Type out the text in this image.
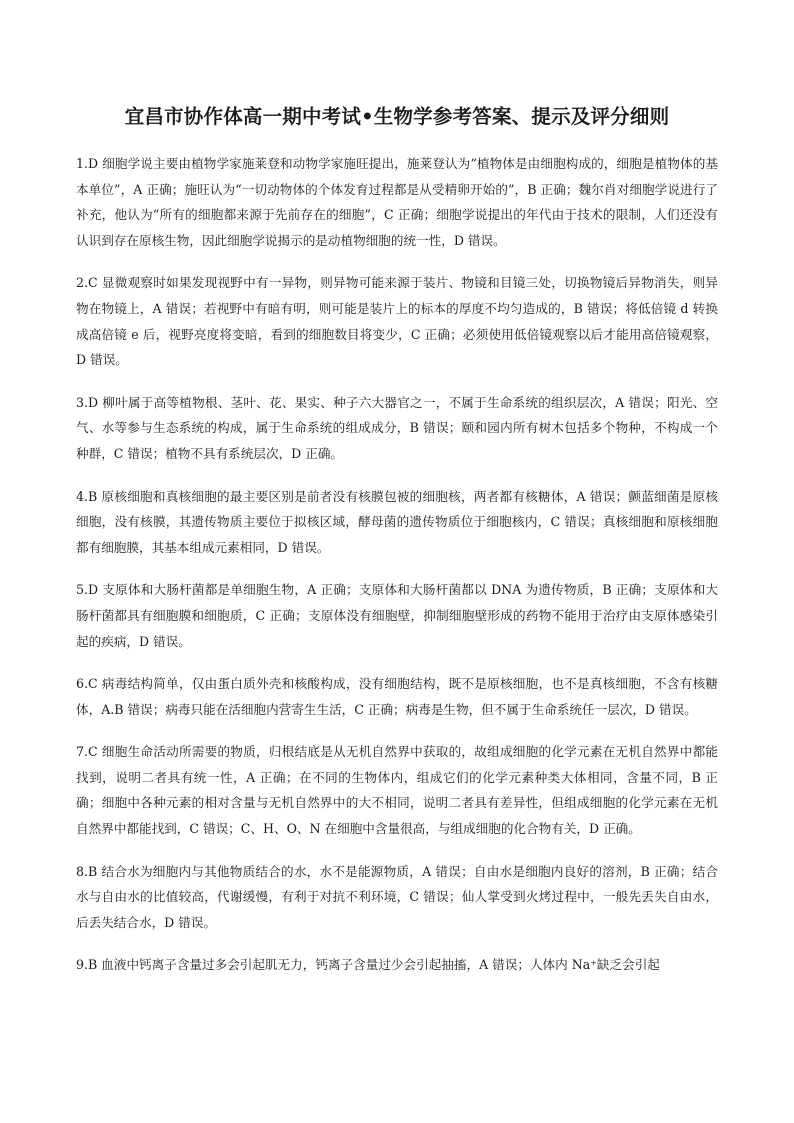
宜昌市协作体高一期中考试•生物学参考答案、提示及评分细则

1.D 细胞学说主要由植物学家施莱登和动物学家施旺提出，施莱登认为“植物体是由细胞构成的，细胞是植物体的基本单位”，A 正确；施旺认为“一切动物体的个体发育过程都是从受精卵开始的”，B 正确；魏尔肖对细胞学说进行了补充，他认为“所有的细胞都来源于先前存在的细胞”，C 正确；细胞学说提出的年代由于技术的限制，人们还没有认识到存在原核生物，因此细胞学说揭示的是动植物细胞的统一性，D 错误。

2.C 显微观察时如果发现视野中有一异物，则异物可能来源于装片、物镜和目镜三处，切换物镜后异物消失，则异物在物镜上，A 错误；若视野中有暗有明，则可能是装片上的标本的厚度不均匀造成的，B 错误；将低倍镜 d 转换成高倍镜 e 后，视野亮度将变暗，看到的细胞数目将变少，C 正确；必须使用低倍镜观察以后才能用高倍镜观察，D 错误。

3.D 柳叶属于高等植物根、茎叶、花、果实、种子六大器官之一，不属于生命系统的组织层次，A 错误；阳光、空气、水等参与生态系统的构成，属于生命系统的组成成分，B 错误；颐和园内所有树木包括多个物种，不构成一个种群，C 错误；植物不具有系统层次，D 正确。

4.B 原核细胞和真核细胞的最主要区别是前者没有核膜包被的细胞核，两者都有核糖体，A 错误；颤蓝细菌是原核细胞，没有核膜，其遗传物质主要位于拟核区域，酵母菌的遗传物质位于细胞核内，C 错误；真核细胞和原核细胞都有细胞膜，其基本组成元素相同，D 错误。

5.D 支原体和大肠杆菌都是单细胞生物，A 正确；支原体和大肠杆菌都以 DNA 为遗传物质，B 正确；支原体和大肠杆菌都具有细胞膜和细胞质，C 正确；支原体没有细胞壁，抑制细胞壁形成的药物不能用于治疗由支原体感染引起的疾病，D 错误。

6.C 病毒结构简单，仅由蛋白质外壳和核酸构成，没有细胞结构，既不是原核细胞，也不是真核细胞，不含有核糖体，A.B 错误；病毒只能在活细胞内营寄生生活，C 正确；病毒是生物，但不属于生命系统任一层次，D 错误。

7.C 细胞生命活动所需要的物质，归根结底是从无机自然界中获取的，故组成细胞的化学元素在无机自然界中都能找到，说明二者具有统一性，A 正确；在不同的生物体内，组成它们的化学元素种类大体相同，含量不同，B 正确；细胞中各种元素的相对含量与无机自然界中的大不相同，说明二者具有差异性，但组成细胞的化学元素在无机自然界中都能找到，C 错误；C、H、O、N 在细胞中含量很高，与组成细胞的化合物有关，D 正确。

8.B 结合水为细胞内与其他物质结合的水，水不是能源物质，A 错误；自由水是细胞内良好的溶剂，B 正确；结合水与自由水的比值较高，代谢缓慢，有利于对抗不利环境，C 错误；仙人掌受到火烤过程中，一般先丢失自由水，后丢失结合水，D 错误。

9.B 血液中钙离子含量过多会引起肌无力，钙离子含量过少会引起抽搐，A 错误；人体内 Na⁺缺乏会引起
